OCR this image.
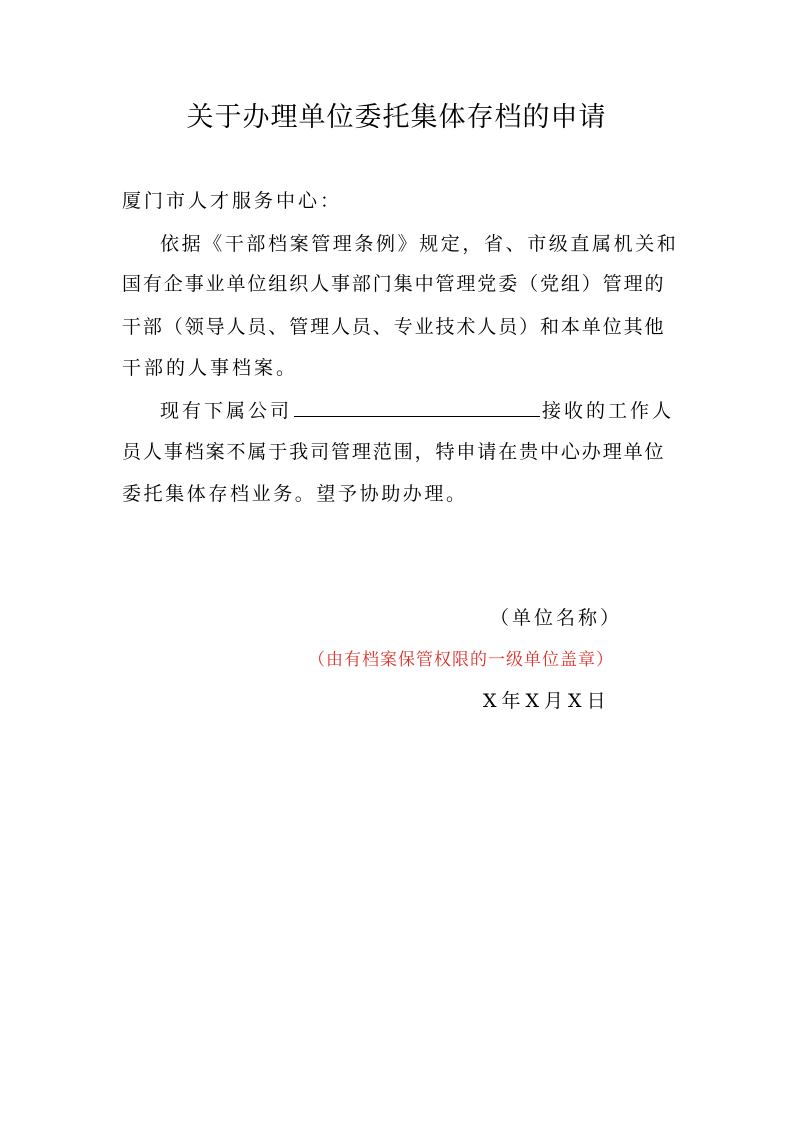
关于办理单位委托集体存档的申请
厦门市人才服务中心：
依据《干部档案管理条例》规定，省、市级直属机关和
国有企事业单位组织人事部门集中管理党委（党组）管理的
干部（领导人员、管理人员、专业技术人员）和本单位其他
干部的人事档案。
现有下属公司	接收的工作人
员人事档案不属于我司管理范围，特申请在贵中心办理单位
委托集体存档业务。望予协助办理。
（单位名称）
（由有档案保管权限的一级单位盖章）
X年X月X日
